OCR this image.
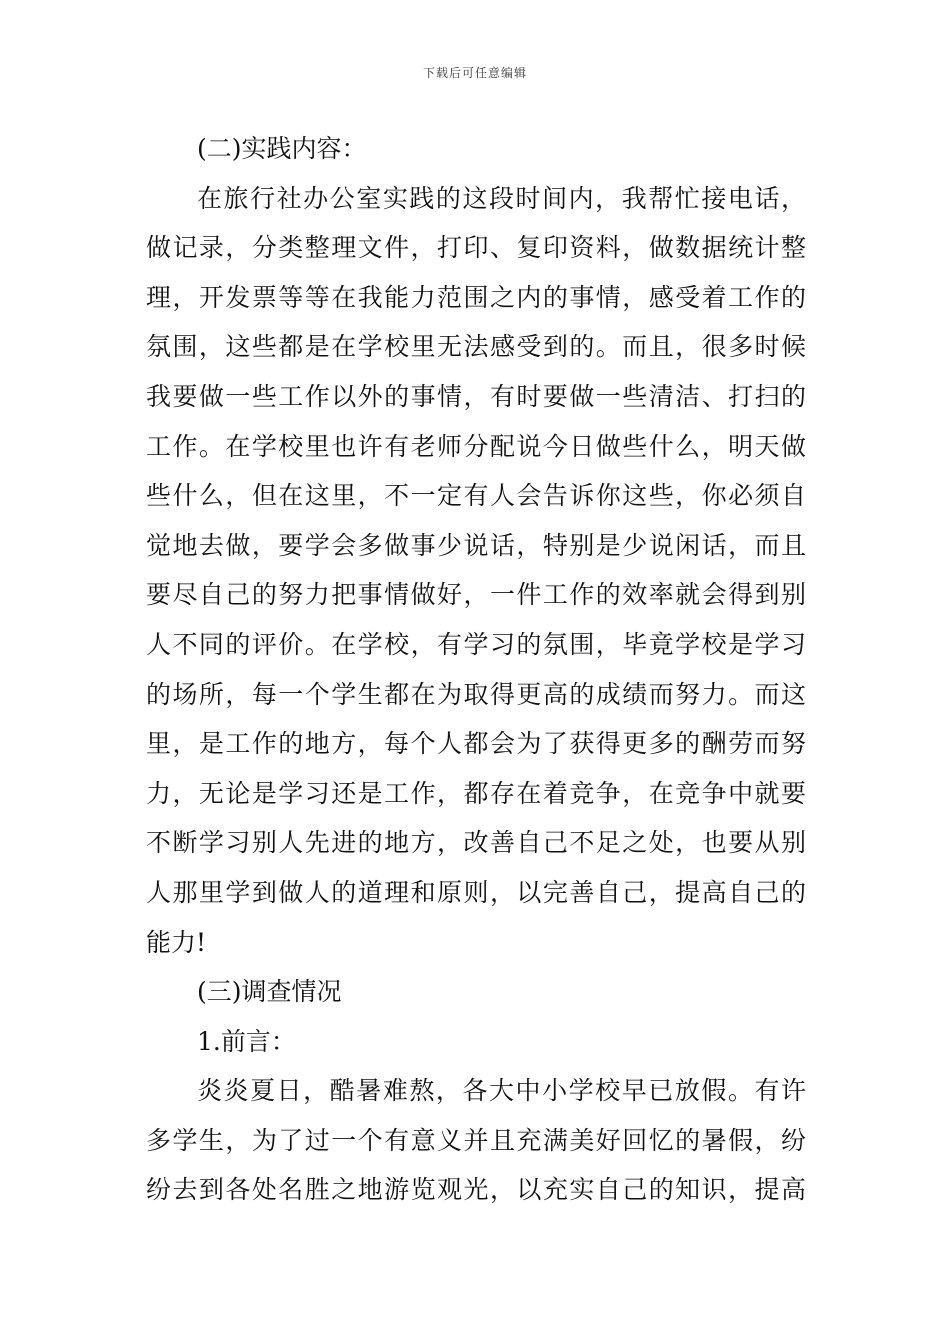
下载后可任意编辑
(二)实践内容：
在旅行社办公室实践的这段时间内，我帮忙接电话，
做记录，分类整理文件，打印、复印资料，做数据统计整
理，开发票等等在我能力范围之内的事情，感受着工作的
氛围，这些都是在学校里无法感受到的。而且，很多时候
我要做一些工作以外的事情，有时要做一些清洁、打扫的
工作。在学校里也许有老师分配说今日做些什么，明天做
些什么，但在这里，不一定有人会告诉你这些，你必须自
觉地去做，要学会多做事少说话，特别是少说闲话，而且
要尽自己的努力把事情做好，一件工作的效率就会得到别
人不同的评价。在学校，有学习的氛围，毕竟学校是学习
的场所，每一个学生都在为取得更高的成绩而努力。而这
里，是工作的地方，每个人都会为了获得更多的酬劳而努
力，无论是学习还是工作，都存在着竞争，在竞争中就要
不断学习别人先进的地方，改善自己不足之处，也要从别
人那里学到做人的道理和原则，以完善自己，提高自己的
能力!
(三)调查情况
1.前言：
炎炎夏日，酷暑难熬，各大中小学校早已放假。有许
多学生，为了过一个有意义并且充满美好回忆的暑假，纷
纷去到各处名胜之地游览观光，以充实自己的知识，提高
